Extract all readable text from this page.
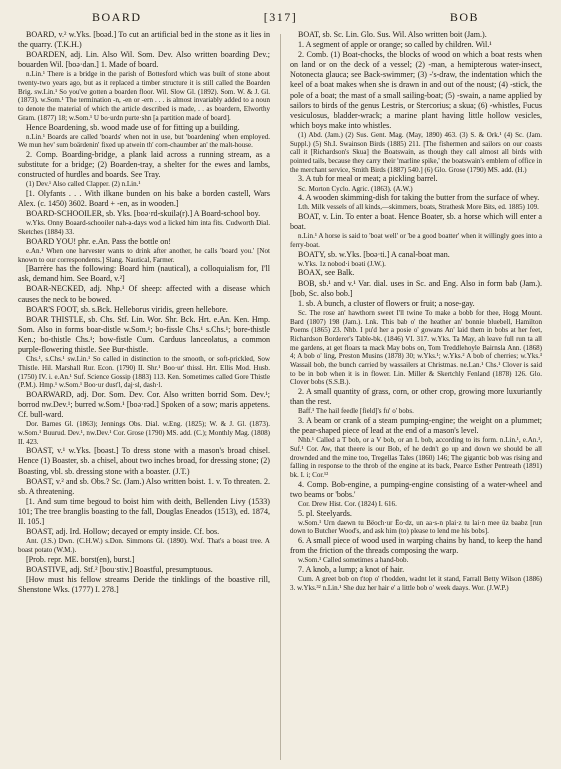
BOARD	[317]	BOB

BOARD, v.² w.Yks. [boəd.] To cut an artificial bed in the stone as it lies in the quarry. (T.K.H.)

BOARDEN, adj. Lin. Also Wil. Som. Dev. Also written boarding Dev.; bouarden Wil. [boə·dan.] 1. Made of board.

n.Lin.¹ There is a bridge in the parish of Bottesford which was built of stone about twenty-two years ago, but as it replaced a timber structure it is still called the Boarden Brig. sw.Lin.¹ So you've gotten a boarden floor. Wil. Slow Gl. (1892). Som. W. & J. Gl. (1873). w.Som.¹ The termination -n, -en or -ern . . . is almost invariably added to a noun to denote the material of which the article described is made, . . as boardern, Elworthy Gram. (1877) 18; w.Som.¹ U bo·urdn purte·shn [a partition made of board].

Hence Boardening, sb. wood made use of for fitting up a building.

n.Lin.¹ Boards are called 'boards' when not in use, but 'boardening' when employed. We mun hev' sum boärdenin' fixed up atwein th' corn-chaumber an' the malt-house.

2. Comp. Boarding-bridge, a plank laid across a running stream, as a substitute for a bridge; (2) Boarden-tray, a shelter for the ewes and lambs, constructed of hurdles and boards. See Tray.

(1) Dev.¹ Also called Clapper. (2) n.Lin.¹

[1. Olyfants . . . With ilkane bunden on his bake a borden castell, Wars Alex. (c. 1450) 3602. Board + -en, as in wooden.]

BOARD-SCHOOILER, sb. Yks. [boə·rd-skuilə(r).] A Board-school boy.

w.Yks. Onny Boaard-schooiler nah-a-days wod a licked him inta fits. Cudworth Dial. Sketches (1884) 33.

BOARD YOU! phr. e.An. Pass the bottle on!

e.An.¹ When one harvester wants to drink after another, he calls 'board you.' [Not known to our correspondents.] Slang. Nautical, Farmer.

[Barrère has the following: Board him (nautical), a colloquialism for, I'll ask, demand him. See Board, v.²]

BOAR-NECKED, adj. Nhp.¹ Of sheep: affected with a disease which causes the neck to be bowed.

BOAR'S FOOT, sb. s.Bck. Helleborus viridis, green hellebore.

BOAR THISTLE, sb. Chs. Stf. Lin. Wor. Shr. Bck. Hrt. e.An. Ken. Hmp. Som. Also in forms boar-distle w.Som.¹; bo-fissle Chs.¹ s.Chs.¹; bore-thistle Ken.; bo-thistle Chs.¹; bow-fistle Cum. Carduus lanceolatus, a common purple-flowering thistle. See Bur-thistle.

Chs.¹, s.Chs.¹ sw.Lin.¹ So called in distinction to the smooth, or soft-prickled, Sow Thistle. Hil. Marshall Rur. Econ. (1790) II. Shr.¹ Boo·ur' thissl. Hrt. Ellis Mod. Husb. (1750) IV. i. e.An.¹ Suf. Science Gossip (1883) 113. Ken. Sometimes called Gore Thistle (P.M.). Hmp.¹ w.Som.¹ Boo·ur dust'l, daj·sl, dash·l.

BOARWARD, adj. Dor. Som. Dev. Cor. Also written borrid Som. Dev.¹; borrod nw.Dev.¹; burred w.Som.¹ [boə·rəd.] Spoken of a sow; maris appetens. Cf. bull-ward.

Dor. Barnes Gl. (1863); Jennings Obs. Dial. w.Eng. (1825); W. & J. Gl. (1873). w.Som.¹ Buurud. Dev.¹, nw.Dev.¹ Cor. Grose (1790) MS. add. (C.); Monthly Mag. (1808) II. 423.

BOAST, v.¹ w.Yks. [boəst.] To dress stone with a mason's broad chisel. Hence (1) Boaster, sb. a chisel, about two inches broad, for dressing stone; (2) Boasting, vbl. sb. dressing stone with a boaster. (J.T.)

BOAST, v.² and sb. Obs.? Sc. (Jam.) Also written boist. 1. v. To threaten. 2. sb. A threatening.

[1. And sum time begoud to boist him with deith, Bellenden Livy (1533) 101; The tree branglis boasting to the fall, Douglas Eneados (1513), ed. 1874, II. 105.]

BOAST, adj. Ird. Hollow; decayed or empty inside. Cf. bos.

Ant. (J.S.) Dwn. (C.H.W.) s.Don. Simmons Gl. (1890). Wxf. That's a boast tree. A boast potato (W.M.).

[Prob. repr. ME. borst(en), burst.]

BOASTIVE, adj. Stf.² [bouˑstiv.] Boastful, presumptuous.

[How must his fellow streams Deride the tinklings of the boastive rill, Shenstone Wks. (1777) I. 278.]

BOAT, sb. Sc. Lin. Glo. Sus. Wil. Also written boit (Jam.).

1. A segment of apple or orange; so called by children. Wil.¹

2. Comb. (1) Boat-chocks, the blocks of wood on which a boat rests when on land or on the deck of a vessel; (2) -man, a hemipterous water-insect, Notonecta glauca; see Back-swimmer; (3) -'s-draw, the indentation which the keel of a boat makes when she is drawn in and out of the noust; (4) -stick, the pole of a boat; the mast of a small sailing-boat; (5) -swain, a name applied by sailors to birds of the genus Lestris, or Stercorius; a skua; (6) -whistles, Fucus vesiculosus, bladder-wrack; a marine plant having little hollow vesicles, which boys make into whistles.

(1) Abd. (Jam.) (2) Sus. Gent. Mag. (May, 1890) 463. (3) S. & Ork.¹ (4) Sc. (Jam. Suppl.) (5) Sh.I. Swainson Birds (1885) 211. [The fishermen and sailors on our coasts call it [Richardson's Skua] the Boatswain, as though they call almost all birds with pointed tails, because they carry their 'marline spike,' the boatswain's emblem of office in the merchant service, Smith Birds (1887) 540.] (6) Glo. Grose (1790) MS. add. (H.)

3. A tub for meal or meat; a pickling barrel.

Sc. Morton Cyclo. Agric. (1863). (A.W.)

4. A wooden skimming-dish for taking the butter from the surface of whey.

Lth. Milk vessels of all kinds,—skimmers, boats, Strathesk More Bits, ed. 1885) 109.

BOAT, v. Lin. To enter a boat. Hence Boater, sb. a horse which will enter a boat.

n.Lin.¹ A horse is said to 'boat well' or 'be a good boatter' when it willingly goes into a ferry-boat.

BOATY, sb. w.Yks. [boə·ti.] A canal-boat man.

w.Yks. 1z nobod·i boəti (J.W.).

BOAX, see Balk.

BOB, sb.¹ and v.¹ Var. dial. uses in Sc. and Eng. Also in form bab (Jam.). [bob, Sc. also bob.]

1. sb. A bunch, a cluster of flowers or fruit; a nose-gay.

Sc. The rose an' hawthorn sweet I'll twine To make a bobb for thee, Hogg Mount. Bard (1807) 198 (Jam.). Lnk. This bab o' the heather an' bonnie bluebell, Hamilton Poems (1865) 23. Nhb. I pu'd her a posie o' gowans An' laid them in bobs at her feet, Richardson Borderer's Table-bk. (1846) VI. 317. w.Yks. Ta May, ah leave full run ta all me gardens, at get floars ta mack May bobs on, Tom Treddlehoyle Bairnsla Ann. (1868) 4; A bob o' ling, Preston Musins (1878) 30; w.Yks.¹; w.Yks.² A bob of cherries; w.Yks.³ Wassail bob, the bunch carried by wassailers at Christmas. ne.Lan.¹ Chs.¹ Clover is said to be in bob when it is in flower. Lin. Miller & Skertchly Fenland (1878) 126. Glo. Clover bobs (S.S.B.).

2. A small quantity of grass, corn, or other crop, growing more luxuriantly than the rest.

Baff.¹ The hail feedle [field]'s fu' o' bobs.

3. A beam or crank of a steam pumping-engine; the weight on a plummet; the pear-shaped piece of lead at the end of a mason's level.

Nhb.¹ Called a T bob, or a V bob, or an L bob, according to its form. n.Lin.¹, e.An.¹, Suf.¹ Cor. Aw, that theere is our Bob, ef he dedn't go up and down we should be all drownded and the mine too, Tregellas Tales (1860) 146; The gigantic bob was rising and falling in response to the throb of the engine at its back, Pearce Esther Pentreath (1891) bk. I. i; Cor.¹²

4. Comp. Bob-engine, a pumping-engine consisting of a water-wheel and two beams or 'bobs.'

Cor. Drew Hist. Cor. (1824) I. 616.

5. pl. Steelyards.

w.Som.¹ Urn daewn tu Bëoch·ur Ëo·dz, un aa·s-n plai·z tu lai·n mee üz baabz [run down to Butcher Wood's, and ask him (to) please to lend me his bobs].

6. A small piece of wood used in warping chains by hand, to keep the hand from the friction of the threads composing the warp.

w.Som.¹ Called sometimes a hand-bob.

7. A knob, a lump; a knot of hair.

Cum. A greet bob on t'top o' t'hodden, wadnt let it stand, Farrall Betty Wilson (1886) 3. w.Yks.³² n.Lin.¹ She duz her hair e' a little bob o' week daays. Wor. (J.W.P.)
